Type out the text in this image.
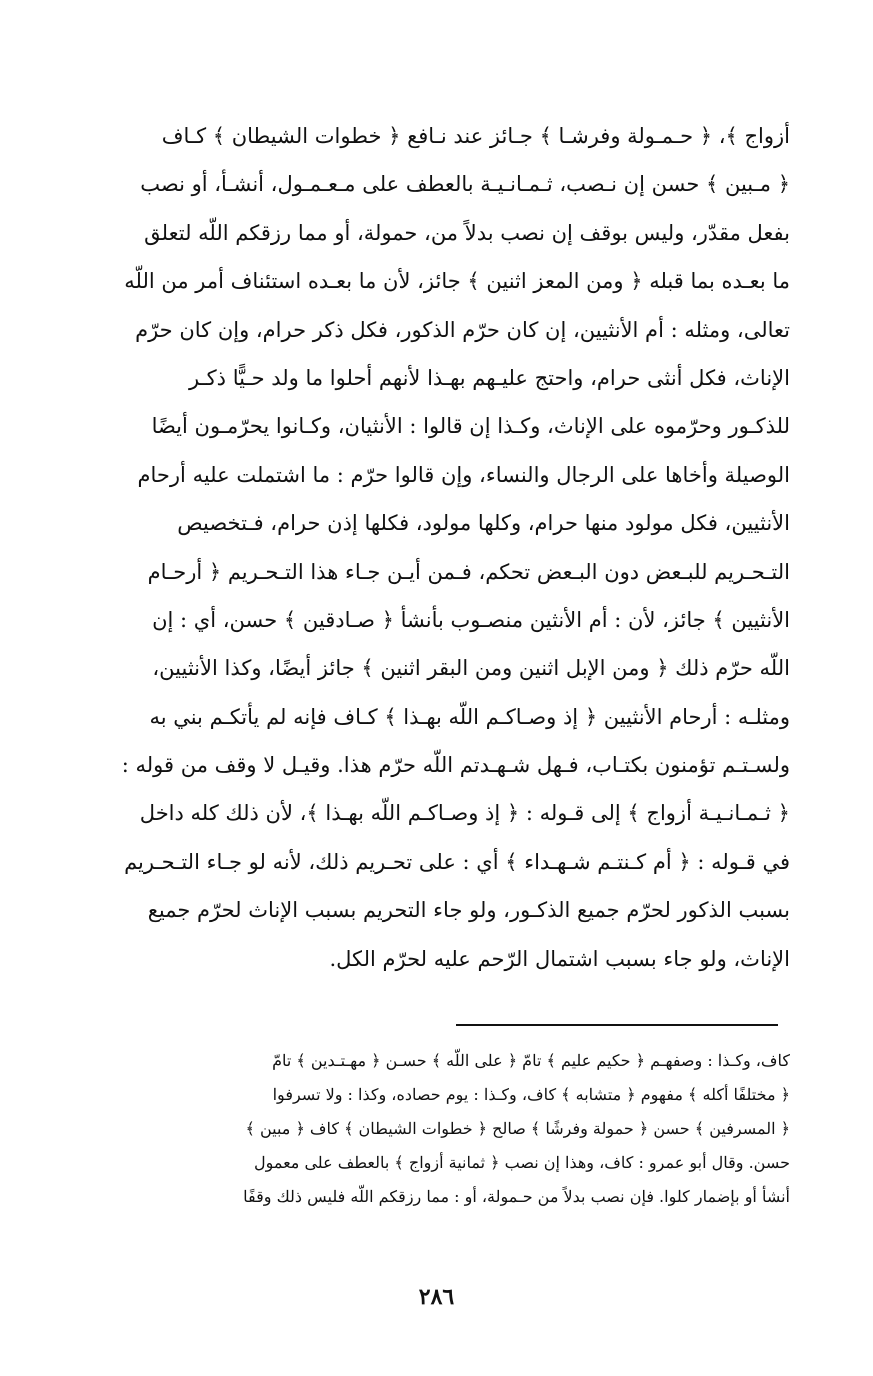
أزواج ﴾، ﴿ حـمـولة وفرشـا ﴾ جـائز عند نـافع ﴿ خطوات الشيطان ﴾ كـاف
﴿ مـبين ﴾ حسن إن نـصب، ثـمـانـيـة بالعطف على مـعـمـول، أنشـأ، أو نصب
بفعل مقدّر، وليس بوقف إن نصب بدلاً من، حمولة، أو مما رزقكم اللّه لتعلق
ما بعـده بما قبله ﴿ ومن المعز اثنين ﴾ جائز، لأن ما بعـده استئناف أمر من اللّه
تعالى، ومثله : أم الأنثيين، إن كان حرّم الذكور، فكل ذكر حرام، وإن كان حرّم
الإناث، فكل أنثى حرام، واحتج عليـهم بهـذا لأنهم أحلوا ما ولد حـيًّا ذكـر
للذكـور وحرّموه على الإناث، وكـذا إن قالوا : الأنثيان، وكـانوا يحرّمـون أيضًا
الوصيلة وأخاها على الرجال والنساء، وإن قالوا حرّم : ما اشتملت عليه أرحام
الأنثيين، فكل مولود منها حرام، وكلها مولود، فكلها إذن حرام، فـتخصيص
التـحـريم للبـعض دون البـعض تحكم، فـمن أيـن جـاء هذا التـحـريم ﴿ أرحـام
الأنثيين ﴾ جائز، لأن : أم الأنثين منصـوب بأنشأ ﴿ صـادقين ﴾ حسن، أي : إن
اللّه حرّم ذلك ﴿ ومن الإبل اثنين ومن البقر اثنين ﴾ جائز أيضًا، وكذا الأنثيين،
ومثلـه : أرحام الأنثيين ﴿ إذ وصـاكـم اللّه بهـذا ﴾ كـاف فإنه لم يأتكـم بني به
ولسـتـم تؤمنون بكتـاب، فـهل شـهـدتم اللّه حرّم هذا. وقيـل لا وقف من قوله :
﴿ ثـمـانـيـة أزواج ﴾ إلى قـوله : ﴿ إذ وصـاكـم اللّه بهـذا ﴾، لأن ذلك كله داخل
في قـوله : ﴿ أم كـنتـم شـهـداء ﴾ أي : على تحـريم ذلك، لأنه لو جـاء التـحـريم
بسبب الذكور لحرّم جميع الذكـور، ولو جاء التحريم بسبب الإناث لحرّم جميع
الإناث، ولو جاء بسبب اشتمال الرّحم عليه لحرّم الكل.
كاف، وكـذا : وصفهـم ﴿ حكيم عليم ﴾ تامّ ﴿ على اللّه ﴾ حسـن ﴿ مهـتـدين ﴾ تامّ
﴿ مختلفًا أكله ﴾ مفهوم ﴿ متشابه ﴾ كاف، وكـذا : يوم حصاده، وكذا : ولا تسرفوا
﴿ المسرفين ﴾ حسن ﴿ حمولة وفرشًا ﴾ صالح ﴿ خطوات الشيطان ﴾ كاف ﴿ مبين ﴾
حسن. وقال أبو عمرو : كاف، وهذا إن نصب ﴿ ثمانية أزواج ﴾ بالعطف على معمول
أنشأ أو بإضمار كلوا. فإن نصب بدلاً من حـمولة، أو : مما رزقكم اللّه فليس ذلك وقفًا
٢٨٦
